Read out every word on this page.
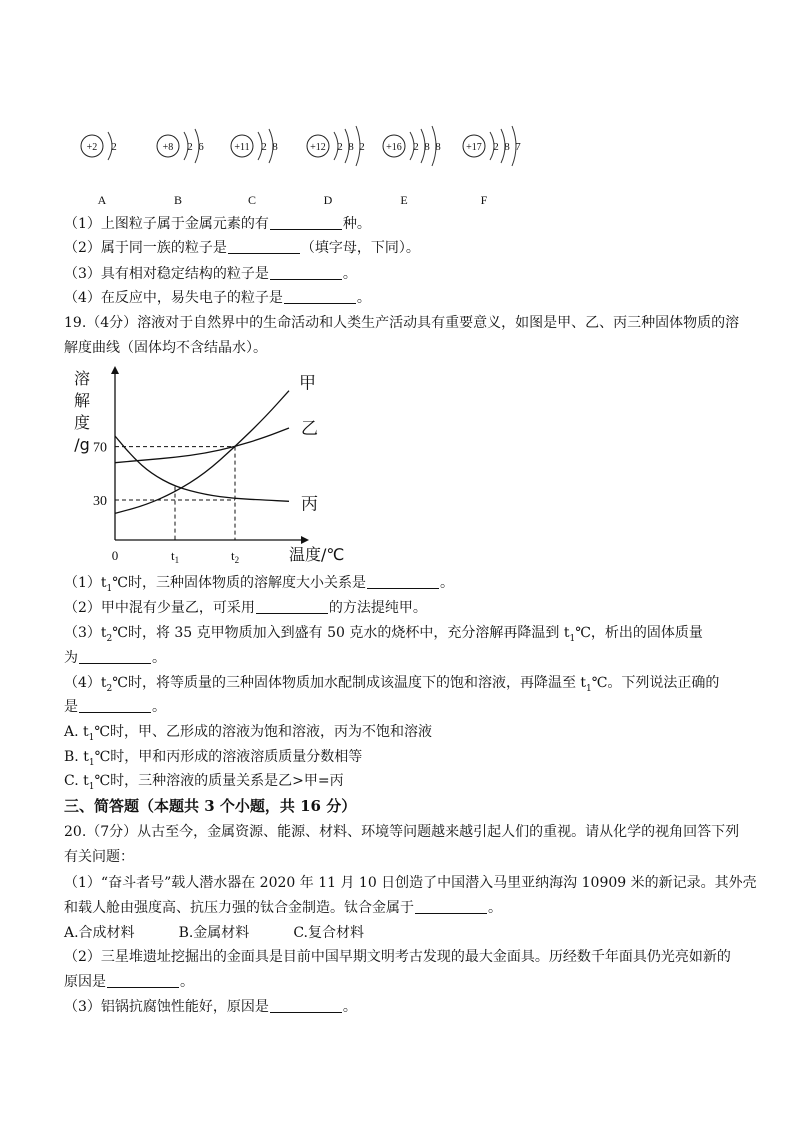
+2 2
A
+8 2 6
B
+11 2 8
C
+12 2 8 2
D
+16 2 8 8
E
+17 2 8 7
F
（1）上图粒子属于金属元素的有	种。
（2）属于同一族的粒子是	（填字母，下同）。
（3）具有相对稳定结构的粒子是	。
（4）在反应中，易失电子的粒子是	。
19.（4分）溶液对于自然界中的生命活动和人类生产活动具有重要意义，如图是甲、乙、丙三种固体物质的溶
解度曲线（固体均不含结晶水）。
溶
解
度
/g
温度/℃
0
30
70
$t_1$	$t_2$
甲
乙
丙
$(1)t_1℃$时，三种固体物质的溶解度大小关系是	。
（2）甲中混有少量乙，可采用	的方法提纯甲。
$(3)t_2℃$时，将 35 克甲物质加入到盛有 50 克水的烧杯中，充分溶解再降温到 $t_1℃$，析出的固体质量
为	。
$(4)t_2℃$时，将等质量的三种固体物质加水配制成该温度下的饱和溶液，再降温至 $t_1℃$。下列说法正确的
是	。
A. $t_1℃$时，甲、乙形成的溶液为饱和溶液，丙为不饱和溶液
B. $t_1℃$时，甲和丙形成的溶液溶质质量分数相等
C. $t_1℃$时，三种溶液的质量关系是乙>甲=丙
三、简答题（本题共 3 个小题，共 16 分）
20.（7分）从古至今，金属资源、能源、材料、环境等问题越来越引起人们的重视。请从化学的视角回答下列
有关问题：
（1）“奋斗者号”载人潜水器在 2020 年 11 月 10 日创造了中国潜入马里亚纳海沟 10909 米的新记录。其外壳
和载人舱由强度高、抗压力强的钛合金制造。钛合金属于	。
A.合成材料	B.金属材料	C.复合材料
（2）三星堆遗址挖掘出的金面具是目前中国早期文明考古发现的最大金面具。历经数千年面具仍光亮如新的
原因是	。
（3）铝锅抗腐蚀性能好，原因是	。
